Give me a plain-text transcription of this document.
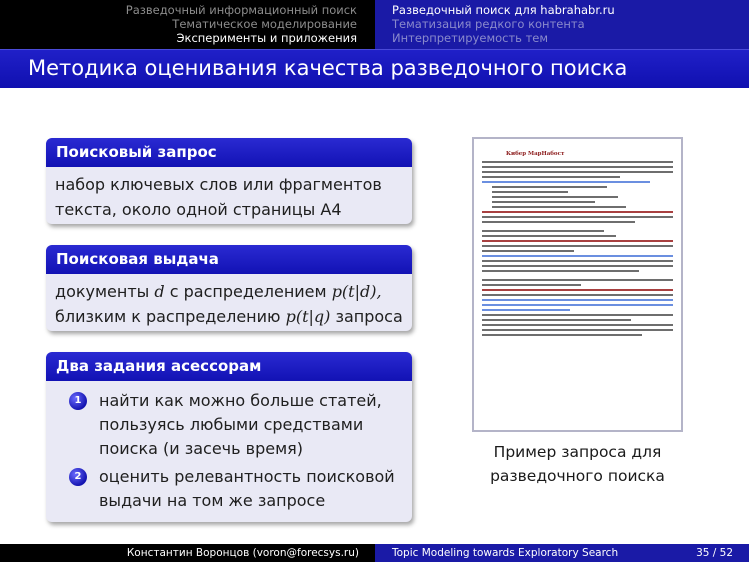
Разведочный информационный поиск
Тематическое моделирование
Эксперименты и приложения
Разведочный поиск для habrahabr.ru
Тематизация редкого контента
Интерпретируемость тем
Методика оценивания качества разведочного поиска
Поисковый запрос
набор ключевых слов или фрагментов
текста, около одной страницы А4
Поисковая выдача
документы d с распределением p(t|d),
близким к распределению p(t|q) запроса
Два задания асессорам
1	найти как можно больше статей,
пользуясь любыми средствами
поиска (и засечь время)
2	оценить релевантность поисковой
выдачи на том же запросе
Кибер МарНабост
Пример запроса для
разведочного поиска
Константин Воронцов (voron@forecsys.ru)	Topic Modeling towards Exploratory Search	35 / 52
